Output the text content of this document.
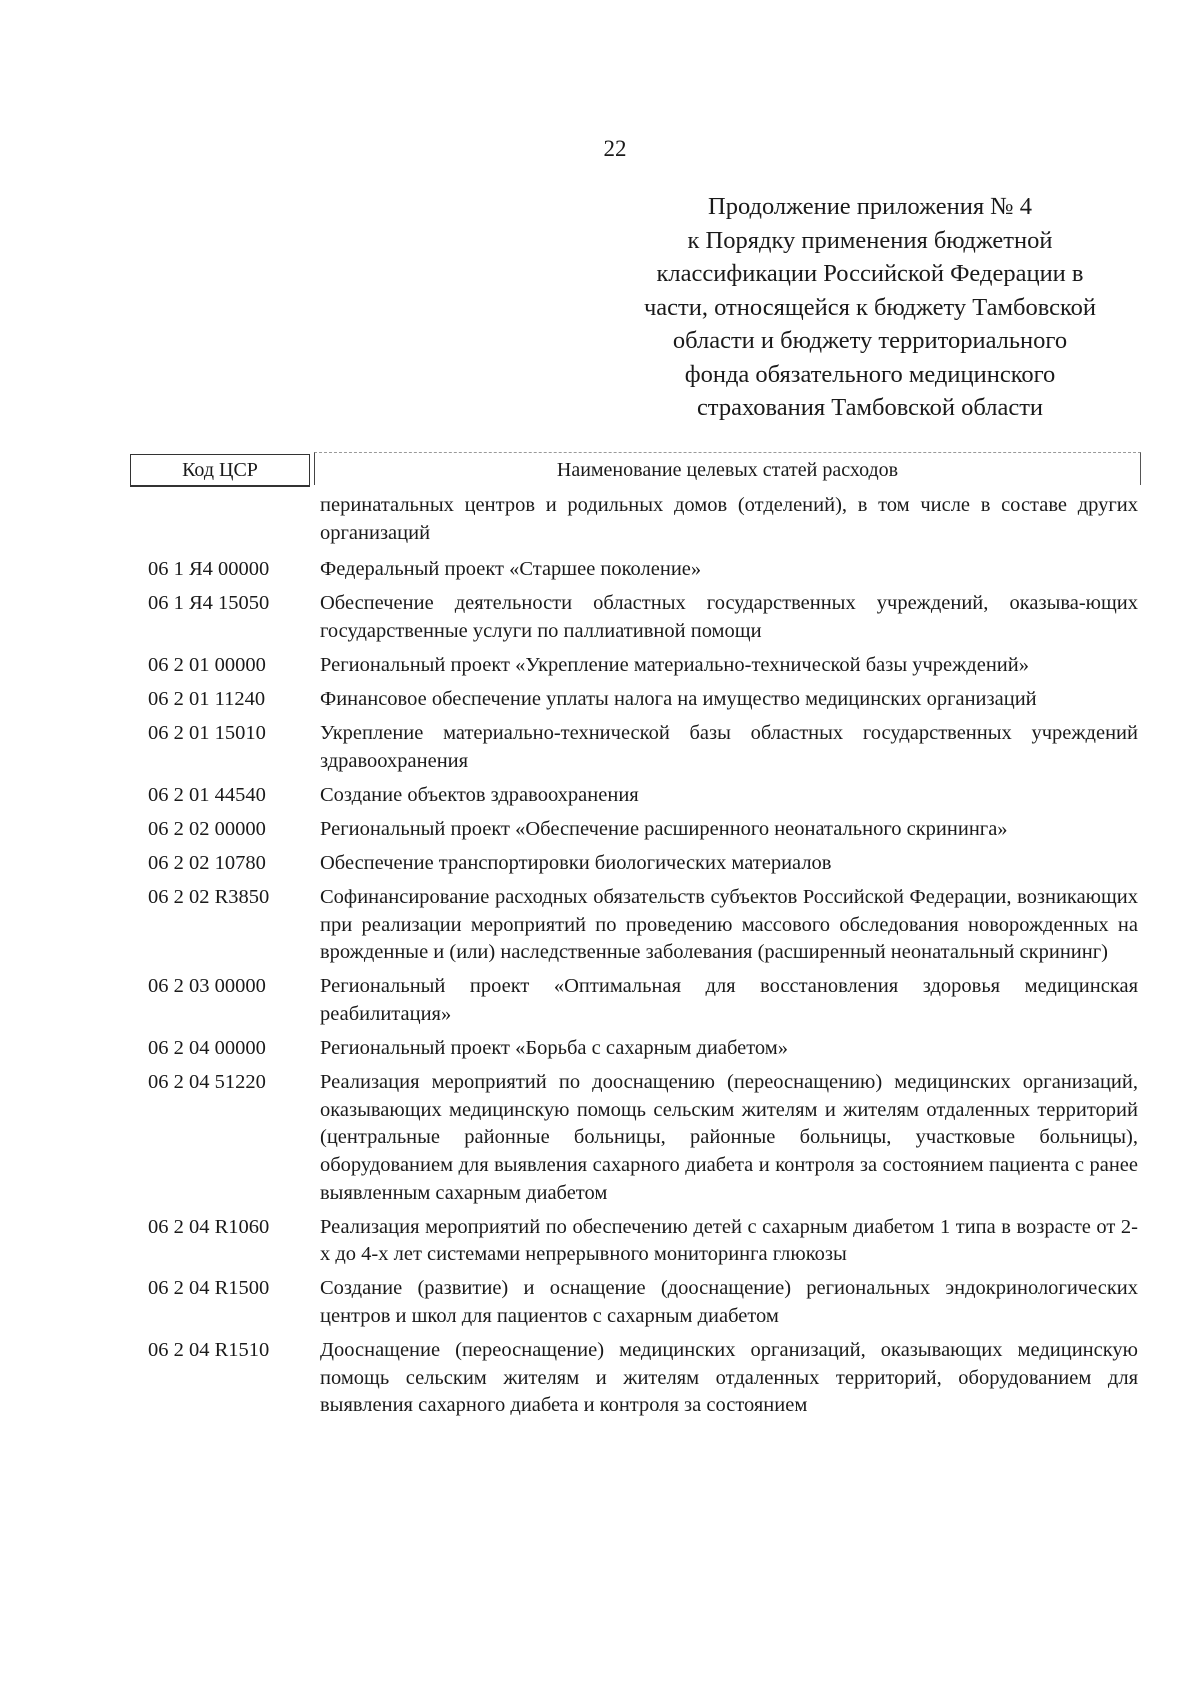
22
Продолжение приложения № 4
к Порядку применения бюджетной
классификации Российской Федерации в
части, относящейся к бюджету Тамбовской
области и бюджету территориального
фонда обязательного медицинского
страхования Тамбовской области
Код ЦСР	Наименование целевых статей расходов
перинатальных центров и родильных домов (отделений), в том числе в составе других организаций
06 1 Я4 00000	Федеральный проект «Старшее поколение»
06 1 Я4 15050	Обеспечение деятельности областных государственных учреждений, оказыва-ющих государственные услуги по паллиативной помощи
06 2 01 00000	Региональный проект «Укрепление материально-технической базы учреждений»
06 2 01 11240	Финансовое обеспечение уплаты налога на имущество медицинских организаций
06 2 01 15010	Укрепление материально-технической базы областных государственных учреждений здравоохранения
06 2 01 44540	Создание объектов здравоохранения
06 2 02 00000	Региональный проект «Обеспечение расширенного неонатального скрининга»
06 2 02 10780	Обеспечение транспортировки биологических материалов
06 2 02 R3850	Софинансирование расходных обязательств субъектов Российской Федерации, возникающих при реализации мероприятий по проведению массового обследования новорожденных на врожденные и (или) наследственные заболевания (расширенный неонатальный скрининг)
06 2 03 00000	Региональный проект «Оптимальная для восстановления здоровья медицинская реабилитация»
06 2 04 00000	Региональный проект «Борьба с сахарным диабетом»
06 2 04 51220	Реализация мероприятий по дооснащению (переоснащению) медицинских организаций, оказывающих медицинскую помощь сельским жителям и жителям отдаленных территорий (центральные районные больницы, районные больницы, участковые больницы), оборудованием для выявления сахарного диабета и контроля за состоянием пациента с ранее выявленным сахарным диабетом
06 2 04 R1060	Реализация мероприятий по обеспечению детей с сахарным диабетом 1 типа в возрасте от 2-х до 4-х лет системами непрерывного мониторинга глюкозы
06 2 04 R1500	Создание (развитие) и оснащение (дооснащение) региональных эндокринологических центров и школ для пациентов с сахарным диабетом
06 2 04 R1510	Дооснащение (переоснащение) медицинских организаций, оказывающих медицинскую помощь сельским жителям и жителям отдаленных территорий, оборудованием для выявления сахарного диабета и контроля за состоянием
